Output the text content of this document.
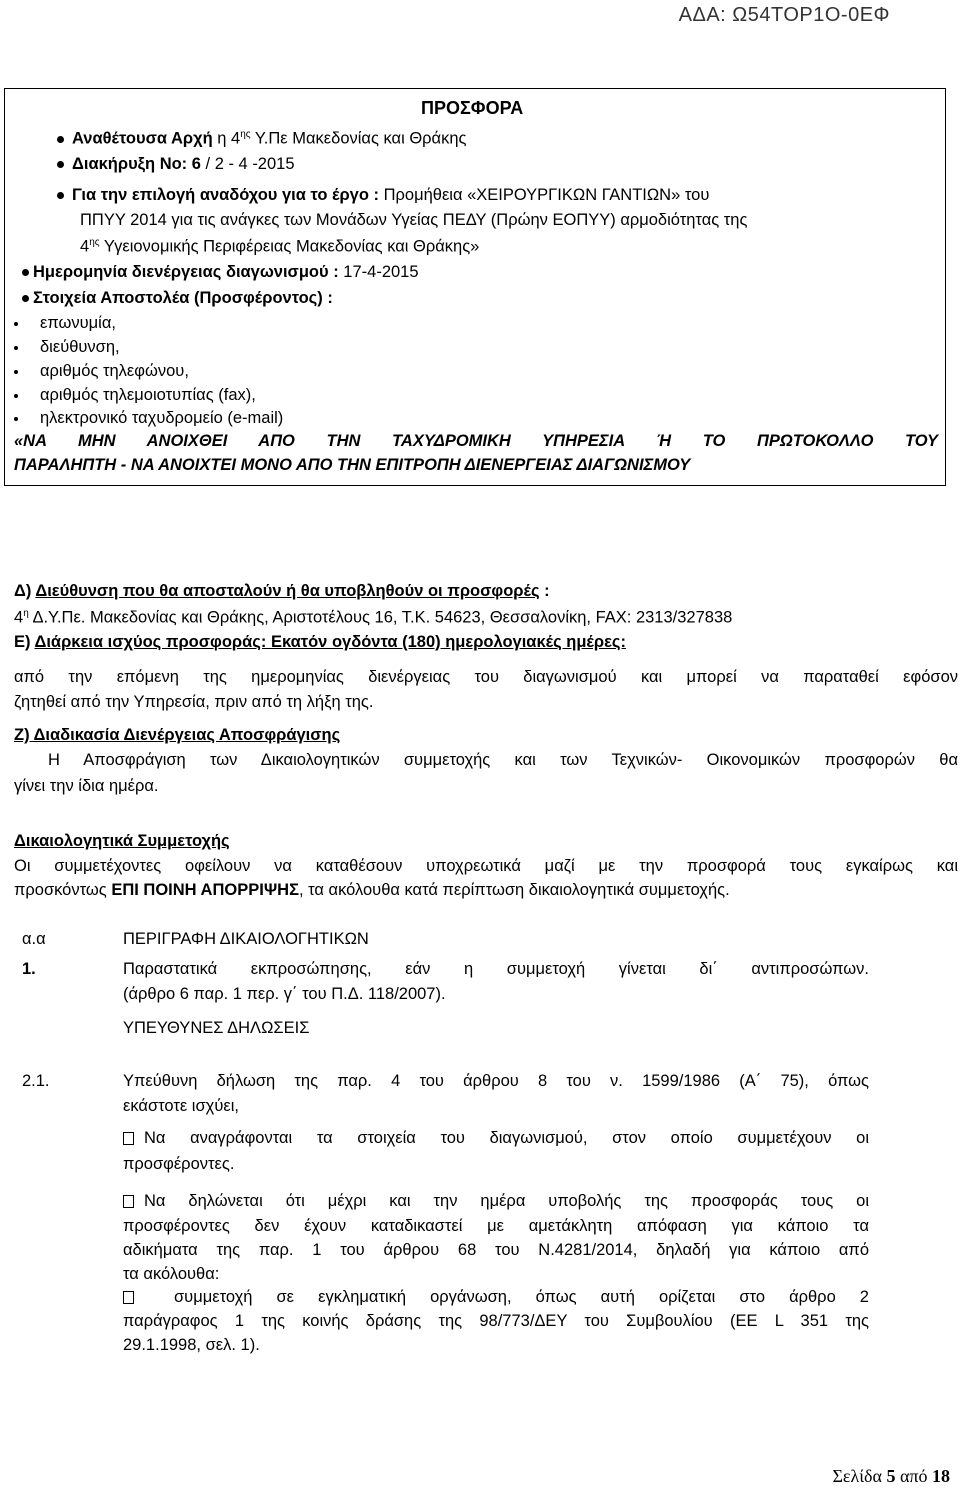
ΑΔΑ: Ω54ΤΟΡ1Ο-0ΕΦ
ΠΡΟΣΦΟΡΑ
Αναθέτουσα Αρχή η $4^{\eta\varsigma}$ Υ.Πε Μακεδονίας και Θράκης
Διακήρυξη Νο: 6 / 2 - 4 -2015
Για την επιλογή αναδόχου για το έργο : Προμήθεια «ΧΕΙΡΟΥΡΓΙΚΩΝ ΓΑΝΤΙΩΝ» του
ΠΠΥΥ 2014 για τις ανάγκες των Μονάδων Υγείας ΠΕΔΥ (Πρώην ΕΟΠΥΥ) αρμοδιότητας της
$4^{\eta\varsigma}$ Υγειονομικής Περιφέρειας Μακεδονίας και Θράκης»
Ημερομηνία διενέργειας διαγωνισμού : 17-4-2015
Στοιχεία Αποστολέα (Προσφέροντος) :
επωνυμία,
διεύθυνση,
αριθμός τηλεφώνου,
αριθμός τηλεμοιοτυπίας (fax),
ηλεκτρονικό ταχυδρομείο (e-mail)
«ΝΑ ΜΗΝ ΑΝΟΙΧΘΕΙ ΑΠΟ ΤΗΝ ΤΑΧΥΔΡΟΜΙΚΗ ΥΠΗΡΕΣΙΑ Ή ΤΟ ΠΡΩΤΟΚΟΛΛΟ ΤΟΥ
ΠΑΡΑΛΗΠΤΗ - ΝΑ ΑΝΟΙΧΤΕΙ ΜΟΝΟ ΑΠΟ ΤΗΝ ΕΠΙΤΡΟΠΗ ΔΙΕΝΕΡΓΕΙΑΣ ΔΙΑΓΩΝΙΣΜΟΥ
Δ) Διεύθυνση που θα αποσταλούν ή θα υποβληθούν οι προσφορές :
$4^\eta$ Δ.Υ.Πε. Μακεδονίας και Θράκης, Αριστοτέλους 16, Τ.Κ. 54623, Θεσσαλονίκη, FAX: 2313/327838
Ε) Διάρκεια ισχύος προσφοράς: Εκατόν ογδόντα (180) ημερολογιακές ημέρες:
από την επόμενη της ημερομηνίας διενέργειας του διαγωνισμού και μπορεί να παραταθεί εφόσον
ζητηθεί από την Υπηρεσία, πριν από τη λήξη της.
Ζ) Διαδικασία Διενέργειας Αποσφράγισης
Η Αποσφράγιση των Δικαιολογητικών συμμετοχής και των Τεχνικών- Οικονομικών προσφορών θα
γίνει την ίδια ημέρα.
Δικαιολογητικά Συμμετοχής
Οι συμμετέχοντες οφείλουν να καταθέσουν υποχρεωτικά μαζί με την προσφορά τους εγκαίρως και
προσκόντως ΕΠΙ ΠΟΙΝΗ ΑΠΟΡΡΙΨΗΣ, τα ακόλουθα κατά περίπτωση δικαιολογητικά συμμετοχής.
α.α	ΠΕΡΙΓΡΑΦΗ ΔΙΚΑΙΟΛΟΓΗΤΙΚΩΝ
1.	Παραστατικά εκπροσώπησης, εάν η συμμετοχή γίνεται δι΄ αντιπροσώπων.
(άρθρο 6 παρ. 1 περ. γ΄ του Π.Δ. 118/2007).
ΥΠΕΥΘΥΝΕΣ ΔΗΛΩΣΕΙΣ
2.1.	Υπεύθυνη δήλωση της παρ. 4 του άρθρου 8 του ν. 1599/1986 (Α΄ 75), όπως
εκάστοτε ισχύει,
Να αναγράφονται τα στοιχεία του διαγωνισμού, στον οποίο συμμετέχουν οι
προσφέροντες.
Να δηλώνεται ότι μέχρι και την ημέρα υποβολής της προσφοράς τους οι
προσφέροντες δεν έχουν καταδικαστεί με αμετάκλητη απόφαση για κάποιο τα
αδικήματα της παρ. 1 του άρθρου 68 του Ν.4281/2014, δηλαδή για κάποιο από
τα ακόλουθα:
συμμετοχή σε εγκληματική οργάνωση, όπως αυτή ορίζεται στο άρθρο 2
παράγραφος 1 της κοινής δράσης της 98/773/ΔΕΥ του Συμβουλίου (ΕΕ L 351 της
29.1.1998, σελ. 1).
Σελίδα 5 από 18
